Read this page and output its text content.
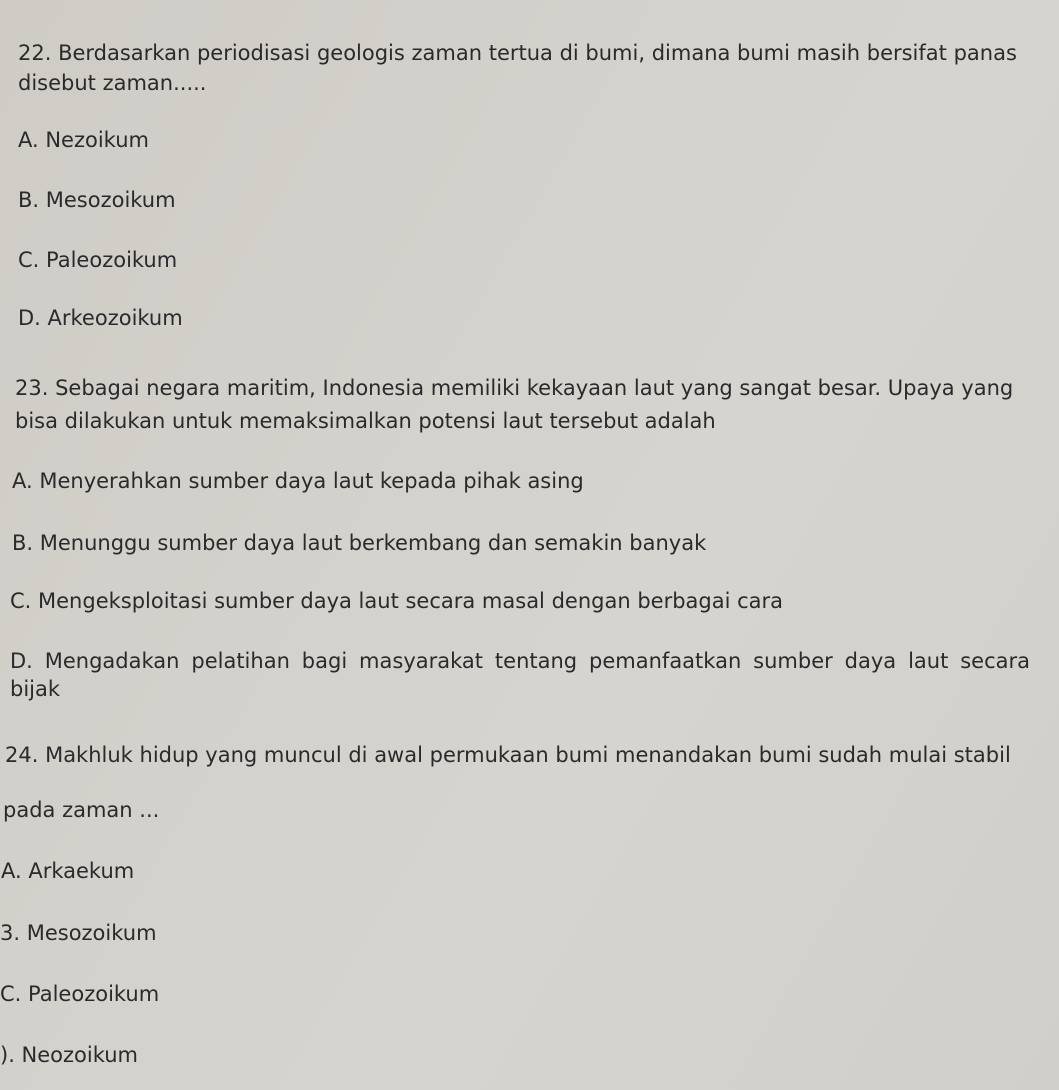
22. Berdasarkan periodisasi geologis zaman tertua di bumi, dimana bumi masih bersifat panas

disebut zaman.....

A. Nezoikum

B. Mesozoikum

C. Paleozoikum

D. Arkeozoikum

23. Sebagai negara maritim, Indonesia memiliki kekayaan laut yang sangat besar. Upaya yang

bisa dilakukan untuk memaksimalkan potensi laut tersebut adalah

A. Menyerahkan sumber daya laut kepada pihak asing

B. Menunggu sumber daya laut berkembang dan semakin banyak

C. Mengeksploitasi sumber daya laut secara masal dengan berbagai cara

D. Mengadakan pelatihan bagi masyarakat tentang pemanfaatkan sumber daya laut secara

bijak

24. Makhluk hidup yang muncul di awal permukaan bumi menandakan bumi sudah mulai stabil

pada zaman ...

A. Arkaekum

3. Mesozoikum

C. Paleozoikum

). Neozoikum
